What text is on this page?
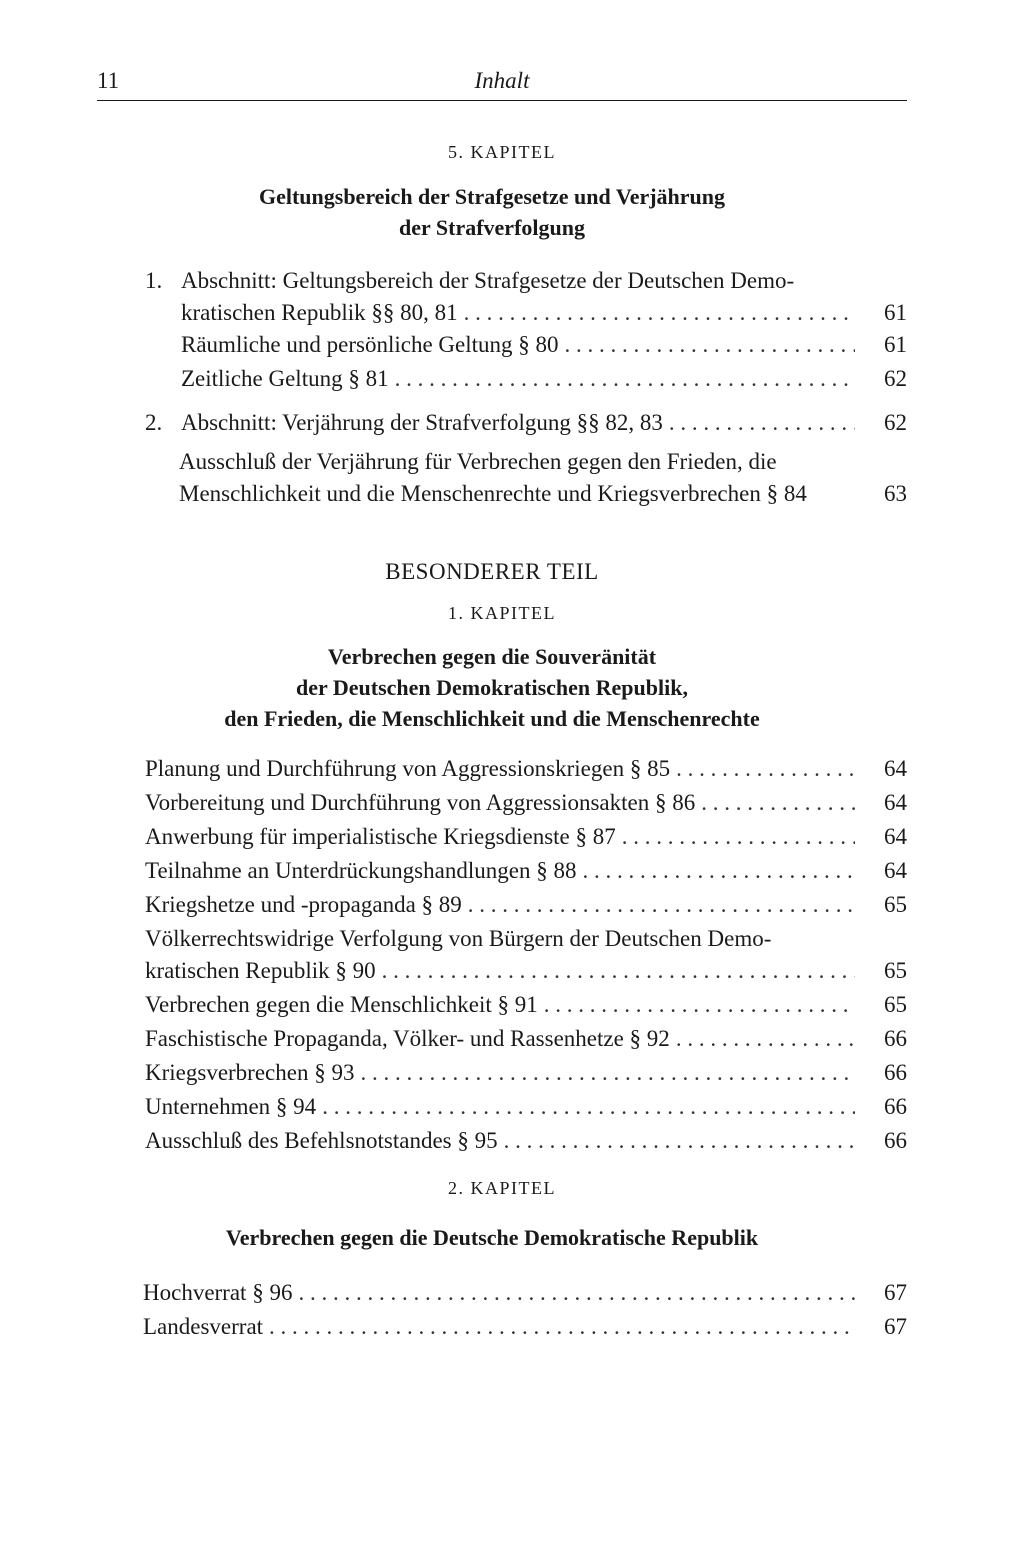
11	Inhalt
5. KAPITEL
Geltungsbereich der Strafgesetze und Verjährung
der Strafverfolgung
1. Abschnitt: Geltungsbereich der Strafgesetze der Deutschen Demo-
kratischen Republik §§ 80, 81 . . .	61
Räumliche und persönliche Geltung § 80 . . .	61
Zeitliche Geltung § 81 . . .	62
2. Abschnitt: Verjährung der Strafverfolgung §§ 82, 83 . . .	62
Ausschluß der Verjährung für Verbrechen gegen den Frieden, die
Menschlichkeit und die Menschenrechte und Kriegsverbrechen § 84	63
BESONDERER TEIL
1. KAPITEL
Verbrechen gegen die Souveränität
der Deutschen Demokratischen Republik,
den Frieden, die Menschlichkeit und die Menschenrechte
Planung und Durchführung von Aggressionskriegen § 85 . . .	64
Vorbereitung und Durchführung von Aggressionsakten § 86 . . .	64
Anwerbung für imperialistische Kriegsdienste § 87 . . .	64
Teilnahme an Unterdrückungshandlungen § 88 . . .	64
Kriegshetze und -propaganda § 89 . . .	65
Völkerrechtswidrige Verfolgung von Bürgern der Deutschen Demo-
kratischen Republik § 90 . . .	65
Verbrechen gegen die Menschlichkeit § 91 . . .	65
Faschistische Propaganda, Völker- und Rassenhetze § 92 . . .	66
Kriegsverbrechen § 93 . . .	66
Unternehmen § 94 . . .	66
Ausschluß des Befehlsnotstandes § 95 . . .	66
2. KAPITEL
Verbrechen gegen die Deutsche Demokratische Republik
Hochverrat § 96 . . .	67
Landesverrat . . .	67
